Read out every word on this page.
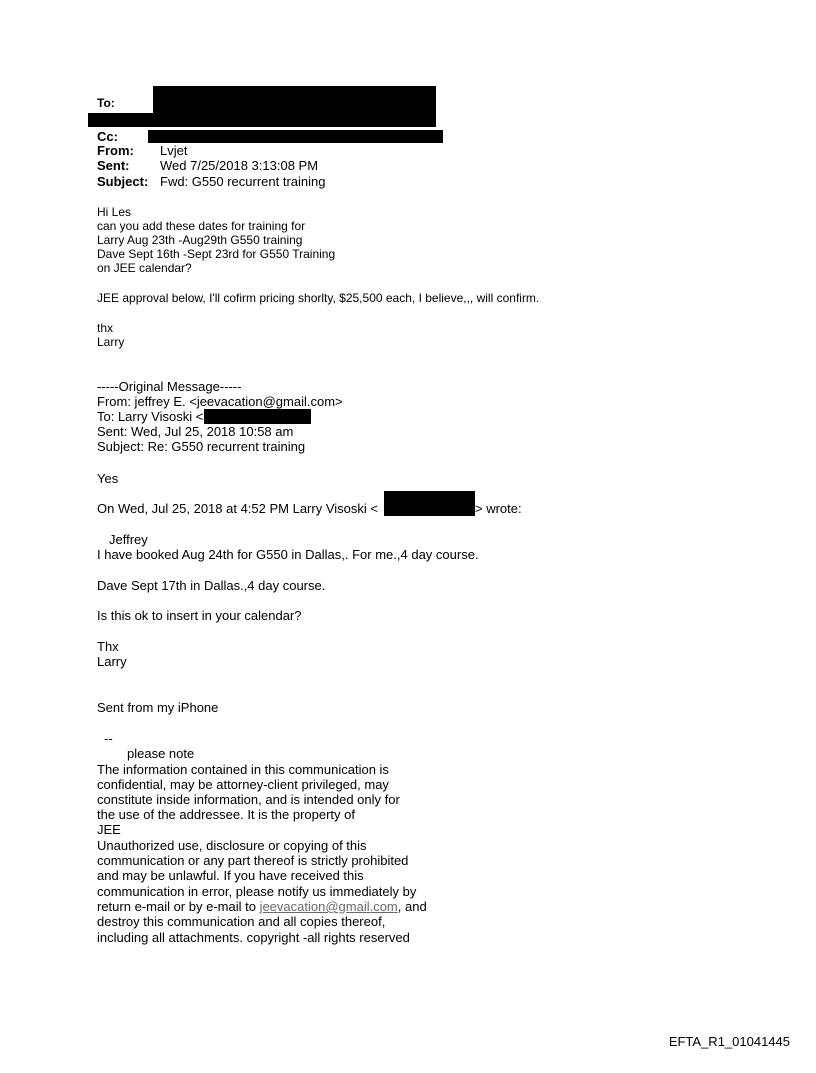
To:
Cc:
From: Lvjet
Sent: Wed 7/25/2018 3:13:08 PM
Subject: Fwd: G550 recurrent training
Hi Les
can you add these dates for training for
Larry Aug 23th -Aug29th G550 training
Dave Sept 16th -Sept 23rd for G550 Training
on JEE calendar?
JEE approval below, I'll cofirm pricing shorlty, $25,500 each, I believe,,, will confirm.
thx
Larry
-----Original Message-----
From: jeffrey E. <jeevacation@gmail.com>
To: Larry Visoski <
Sent: Wed, Jul 25, 2018 10:58 am
Subject: Re: G550 recurrent training
Yes
On Wed, Jul 25, 2018 at 4:52 PM Larry Visoski <	> wrote:
Jeffrey
I have booked Aug 24th for G550 in Dallas,. For me.,4 day course.
Dave Sept 17th in Dallas.,4 day course.
Is this ok to insert in your calendar?
Thx
Larry
Sent from my iPhone
--
please note
The information contained in this communication is
confidential, may be attorney-client privileged, may
constitute inside information, and is intended only for
the use of the addressee. It is the property of
JEE
Unauthorized use, disclosure or copying of this
communication or any part thereof is strictly prohibited
and may be unlawful. If you have received this
communication in error, please notify us immediately by
return e-mail or by e-mail to jeevacation@gmail.com, and
destroy this communication and all copies thereof,
including all attachments. copyright -all rights reserved
EFTA_R1_01041445
